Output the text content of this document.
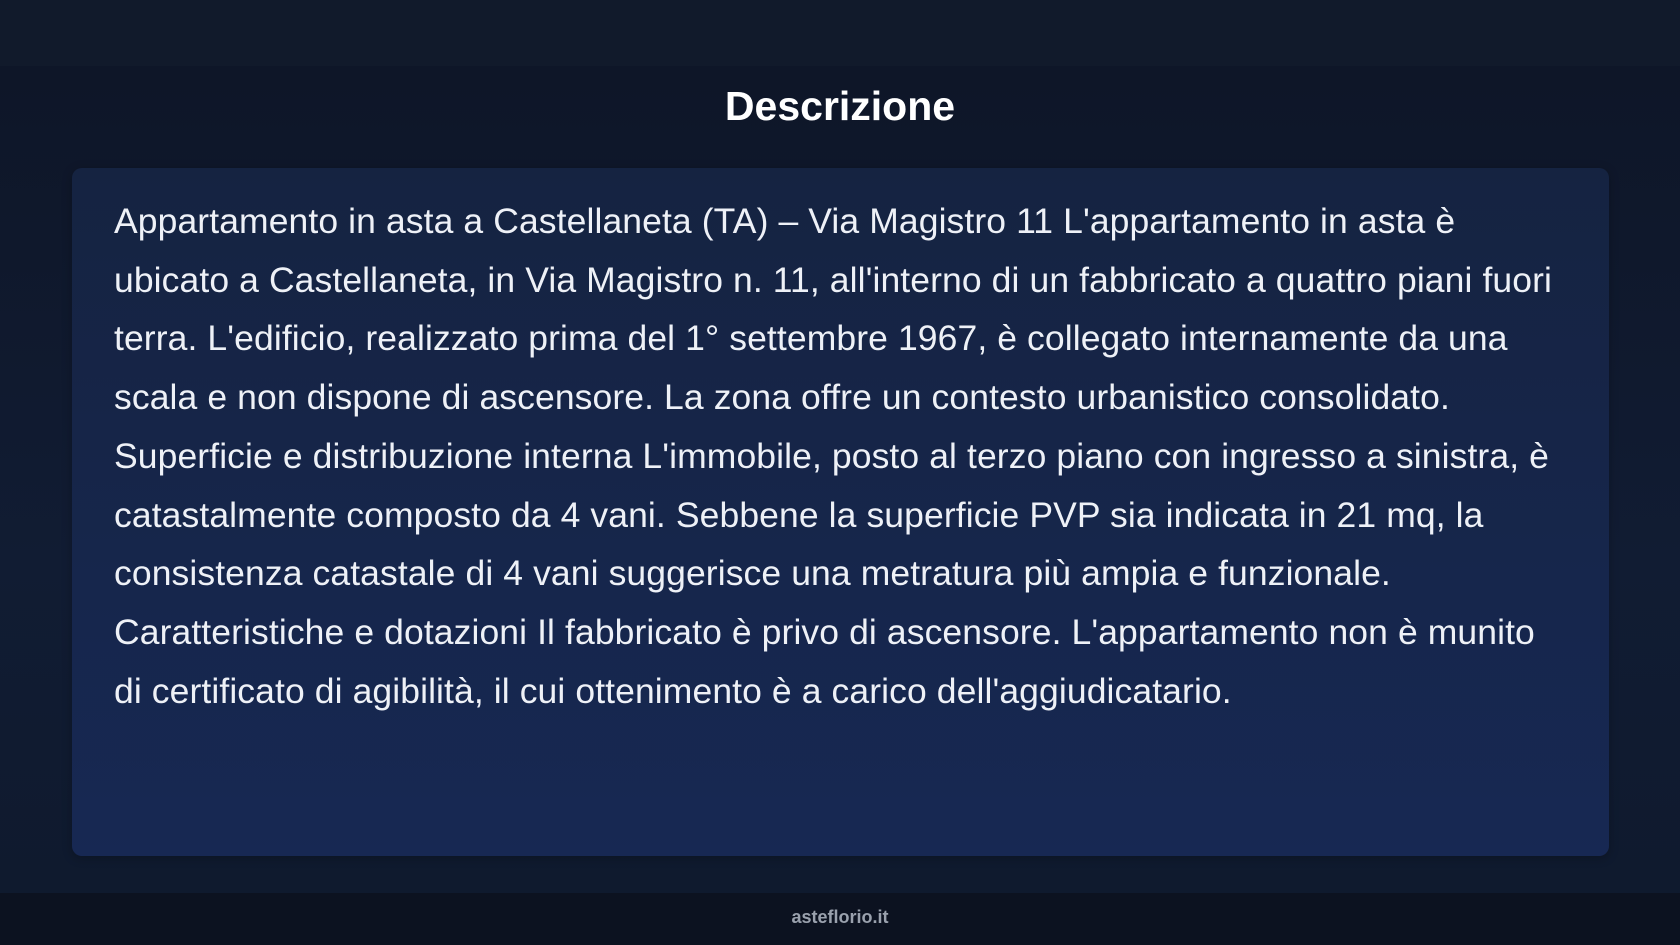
Descrizione

Appartamento in asta a Castellaneta (TA) – Via Magistro 11 L'appartamento in asta è ubicato a Castellaneta, in Via Magistro n. 11, all'interno di un fabbricato a quattro piani fuori terra. L'edificio, realizzato prima del 1° settembre 1967, è collegato internamente da una scala e non dispone di ascensore. La zona offre un contesto urbanistico consolidato. Superficie e distribuzione interna L'immobile, posto al terzo piano con ingresso a sinistra, è catastalmente composto da 4 vani. Sebbene la superficie PVP sia indicata in 21 mq, la consistenza catastale di 4 vani suggerisce una metratura più ampia e funzionale. Caratteristiche e dotazioni Il fabbricato è privo di ascensore. L'appartamento non è munito di certificato di agibilità, il cui ottenimento è a carico dell'aggiudicatario.

asteflorio.it
